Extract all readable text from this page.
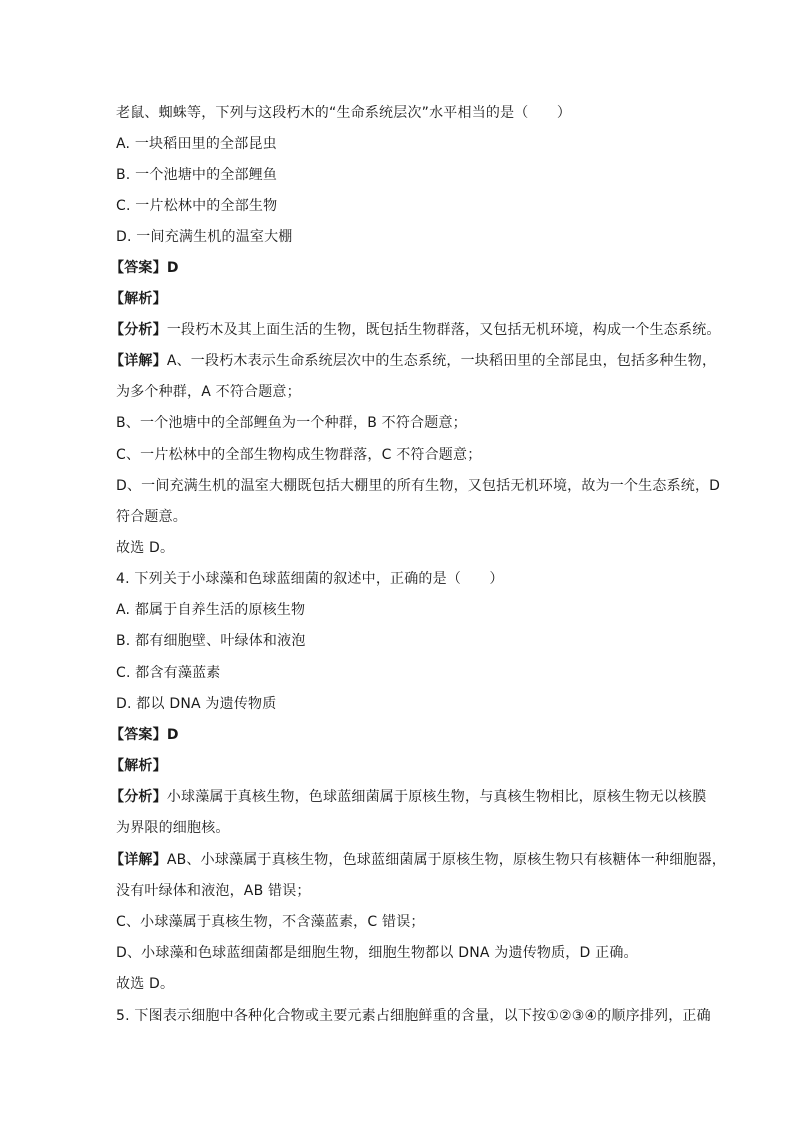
老鼠、蜘蛛等，下列与这段朽木的“生命系统层次”水平相当的是（　　）
A. 一块稻田里的全部昆虫
B. 一个池塘中的全部鲤鱼
C. 一片松林中的全部生物
D. 一间充满生机的温室大棚
【答案】D
【解析】
【分析】一段朽木及其上面生活的生物，既包括生物群落，又包括无机环境，构成一个生态系统。
【详解】A、一段朽木表示生命系统层次中的生态系统，一块稻田里的全部昆虫，包括多种生物，
为多个种群，A 不符合题意；
B、一个池塘中的全部鲤鱼为一个种群，B 不符合题意；
C、一片松林中的全部生物构成生物群落，C 不符合题意；
D、一间充满生机的温室大棚既包括大棚里的所有生物，又包括无机环境，故为一个生态系统，D
符合题意。
故选 D。
4. 下列关于小球藻和色球蓝细菌的叙述中，正确的是（　　）
A. 都属于自养生活的原核生物
B. 都有细胞壁、叶绿体和液泡
C. 都含有藻蓝素
D. 都以 DNA 为遗传物质
【答案】D
【解析】
【分析】小球藻属于真核生物，色球蓝细菌属于原核生物，与真核生物相比，原核生物无以核膜
为界限的细胞核。
【详解】AB、小球藻属于真核生物，色球蓝细菌属于原核生物，原核生物只有核糖体一种细胞器，
没有叶绿体和液泡，AB 错误；
C、小球藻属于真核生物，不含藻蓝素，C 错误；
D、小球藻和色球蓝细菌都是细胞生物，细胞生物都以 DNA 为遗传物质，D 正确。
故选 D。
5. 下图表示细胞中各种化合物或主要元素占细胞鲜重的含量，以下按①②③④的顺序排列，正确
